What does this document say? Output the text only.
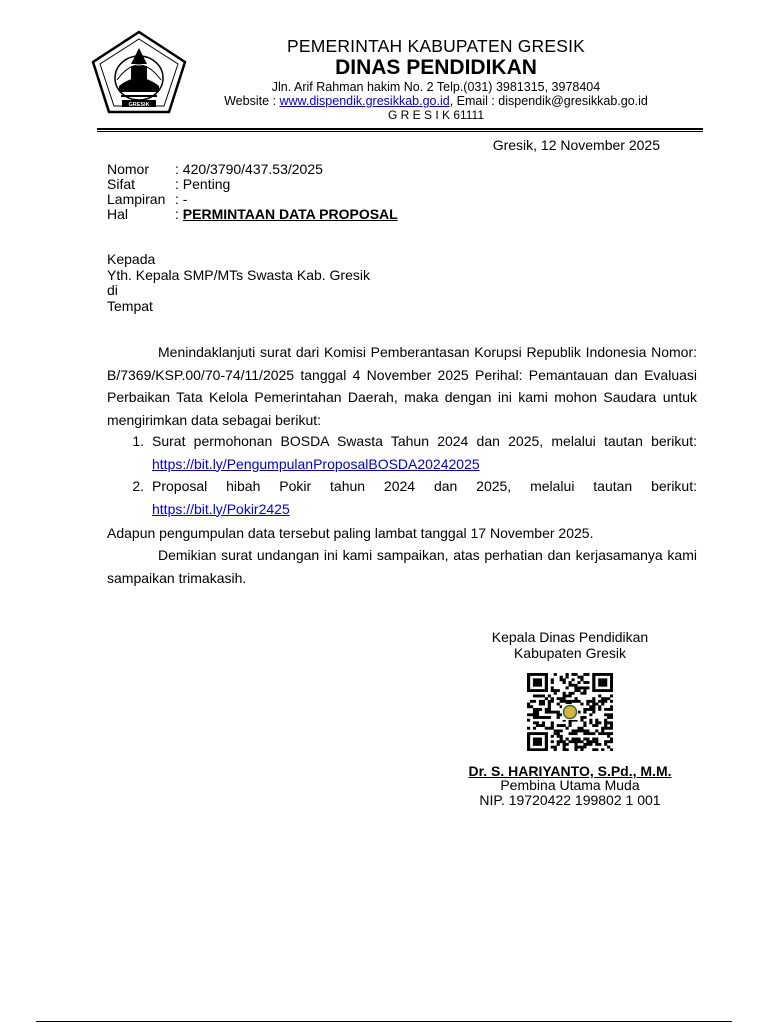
GRESIK
PEMERINTAH KABUPATEN GRESIK
DINAS PENDIDIKAN
Jln. Arif Rahman hakim No. 2 Telp.(031) 3981315, 3978404
Website : www.dispendik.gresikkab.go.id, Email : dispendik@gresikkab.go.id
G R E S I K 61111
Gresik, 12 November 2025
Nomor	: 420/3790/437.53/2025
Sifat	: Penting
Lampiran : -
Hal	: PERMINTAAN DATA PROPOSAL
Kepada
Yth. Kepala SMP/MTs Swasta Kab. Gresik
di
Tempat
Menindaklanjuti surat dari Komisi Pemberantasan Korupsi Republik Indonesia Nomor: B/7369/KSP.00/70-74/11/2025 tanggal 4 November 2025 Perihal: Pemantauan dan Evaluasi Perbaikan Tata Kelola Pemerintahan Daerah, maka dengan ini kami mohon Saudara untuk mengirimkan data sebagai berikut:
1. Surat permohonan BOSDA Swasta Tahun 2024 dan 2025, melalui tautan berikut:
https://bit.ly/PengumpulanProposalBOSDA20242025
2. Proposal hibah Pokir tahun 2024 dan 2025, melalui tautan berikut:
https://bit.ly/Pokir2425
Adapun pengumpulan data tersebut paling lambat tanggal 17 November 2025.
Demikian surat undangan ini kami sampaikan, atas perhatian dan kerjasamanya kami sampaikan trimakasih.
Kepala Dinas Pendidikan
Kabupaten Gresik
Dr. S. HARIYANTO, S.Pd., M.M.
Pembina Utama Muda
NIP. 19720422 199802 1 001
